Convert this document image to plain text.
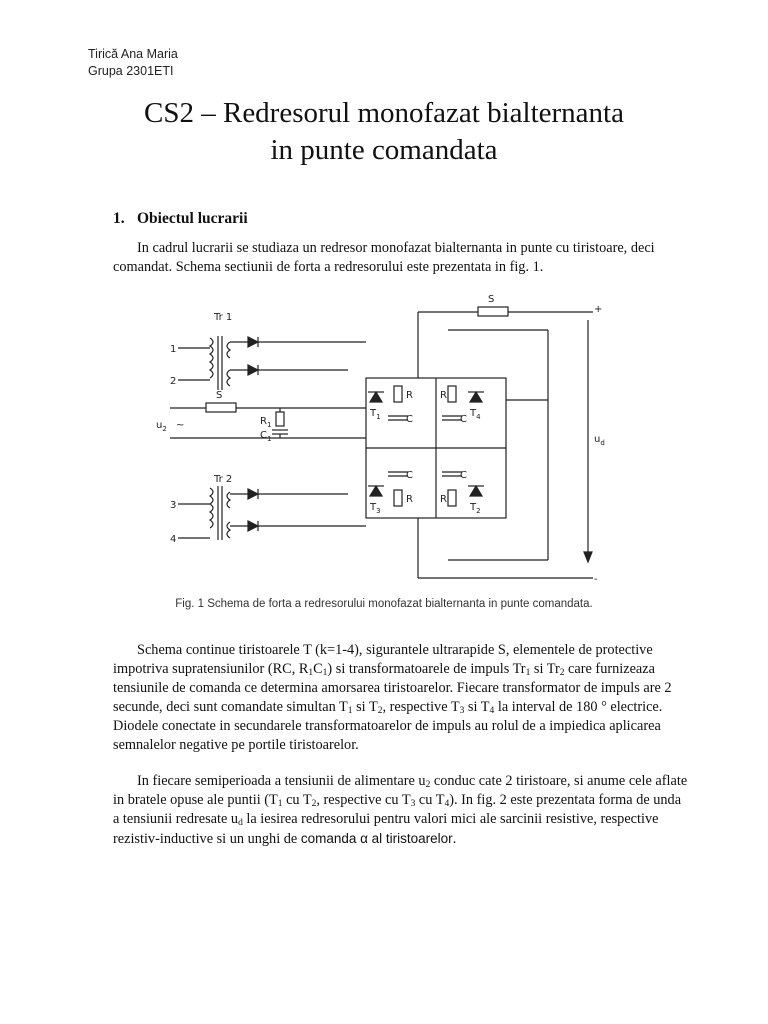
Tirică Ana Maria
Grupa 2301ETI
CS2 – Redresorul monofazat bialternanta
in punte comandata
1. Obiectul lucrarii
In cadrul lucrarii se studiaza un redresor monofazat bialternanta in punte cu tiristoare, deci comandat. Schema sectiunii de forta a redresorului este prezentata in fig. 1.
Tr 1
Tr 2
1
2
3
4
S
S
+
-
$u_2$ ~	$R_1$
$C_1$	$u_d$
$T_1$	$T_4$
$T_3$	$T_2$
R	R
C	C
C	C
R	R
Fig. 1 Schema de forta a redresorului monofazat bialternanta in punte comandata.
Schema continue tiristoarele T (k=1-4), sigurantele ultrarapide S, elementele de protective impotriva supratensiunilor (RC, $R_1C_1$) si transformatoarele de impuls $Tr_1$ si $Tr_2$ care furnizeaza tensiunile de comanda ce determina amorsarea tiristoarelor. Fiecare transformator de impuls are 2 secunde, deci sunt comandate simultan $T_1$ si $T_2$, respective $T_3$ si $T_4$ la interval de 180 ° electrice. Diodele conectate in secundarele transformatoarelor de impuls au rolul de a impiedica aplicarea semnalelor negative pe portile tiristoarelor.
In fiecare semiperioada a tensiunii de alimentare $u_2$ conduc cate 2 tiristoare, si anume cele aflate in bratele opuse ale puntii ($T_1$ cu $T_2$, respective cu $T_3$ cu $T_4$). In fig. 2 este prezentata forma de unda a tensiunii redresate $u_d$ la iesirea redresorului pentru valori mici ale sarcinii resistive, respective rezistiv-inductive si un unghi de comanda α al tiristoarelor.
